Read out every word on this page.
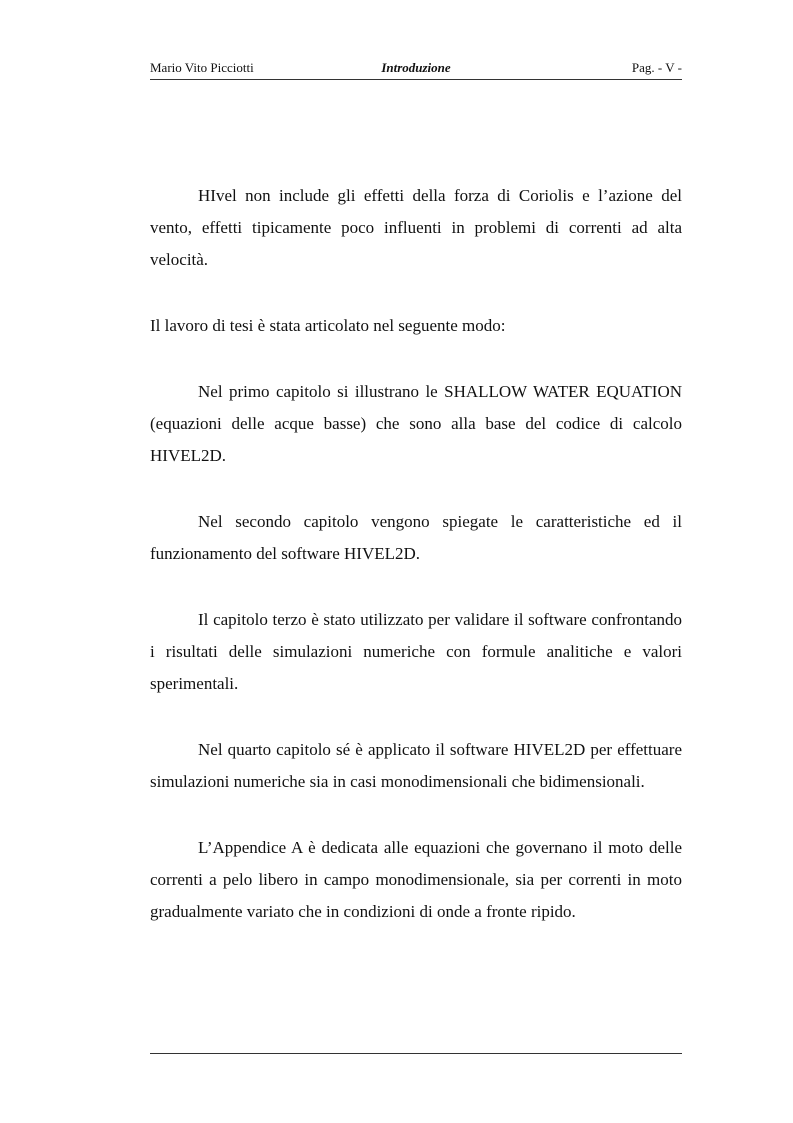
Mario Vito Picciotti	Introduzione	Pag. - V -

HIvel non include gli effetti della forza di Coriolis e l’azione del vento, effetti tipicamente poco influenti in problemi di correnti ad alta velocità.

Il lavoro di tesi è stata articolato nel seguente modo:

Nel primo capitolo si illustrano le SHALLOW WATER EQUATION (equazioni delle acque basse) che sono alla base del codice di calcolo HIVEL2D.

Nel secondo capitolo vengono spiegate le caratteristiche ed il funzionamento del software HIVEL2D.

Il capitolo terzo è stato utilizzato per validare il software confrontando i risultati delle simulazioni numeriche con formule analitiche e valori sperimentali.

Nel quarto capitolo sé è applicato il software HIVEL2D per effettuare simulazioni numeriche sia in casi monodimensionali che bidimensionali.

L’Appendice A è dedicata alle equazioni che governano il moto delle correnti a pelo libero in campo monodimensionale, sia per correnti in moto gradualmente variato che in condizioni di onde a fronte ripido.
